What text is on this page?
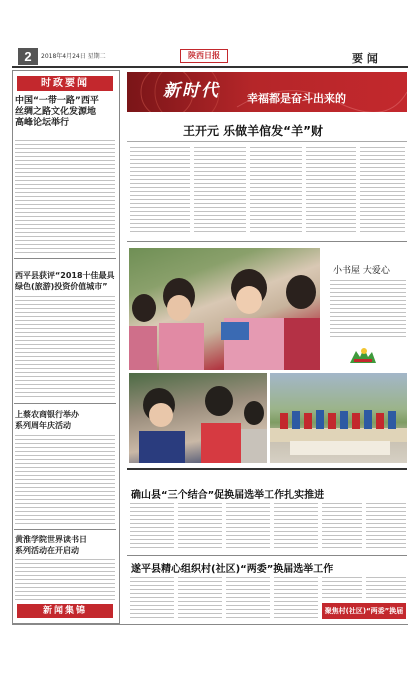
2	2018年4月24日 星期二	陕西日报
	要 闻
时政要闻
中国“一带一路”西平
丝绸之路文化发源地
高峰论坛举行
西平县获评“2018十佳最具
绿色(旅游)投资价值城市”
上蔡农商银行举办
系列周年庆活动
黄淮学院世界读书日
系列活动在开启动
新闻集锦
新时代 幸福都是奋斗出来的
王开元 乐做羊倌发“羊”财
小书屋 大爱心
确山县“三个结合”促换届选举工作扎实推进
遂平县精心组织村(社区)“两委”换届选举工作
聚焦村(社区)“两委”换届
